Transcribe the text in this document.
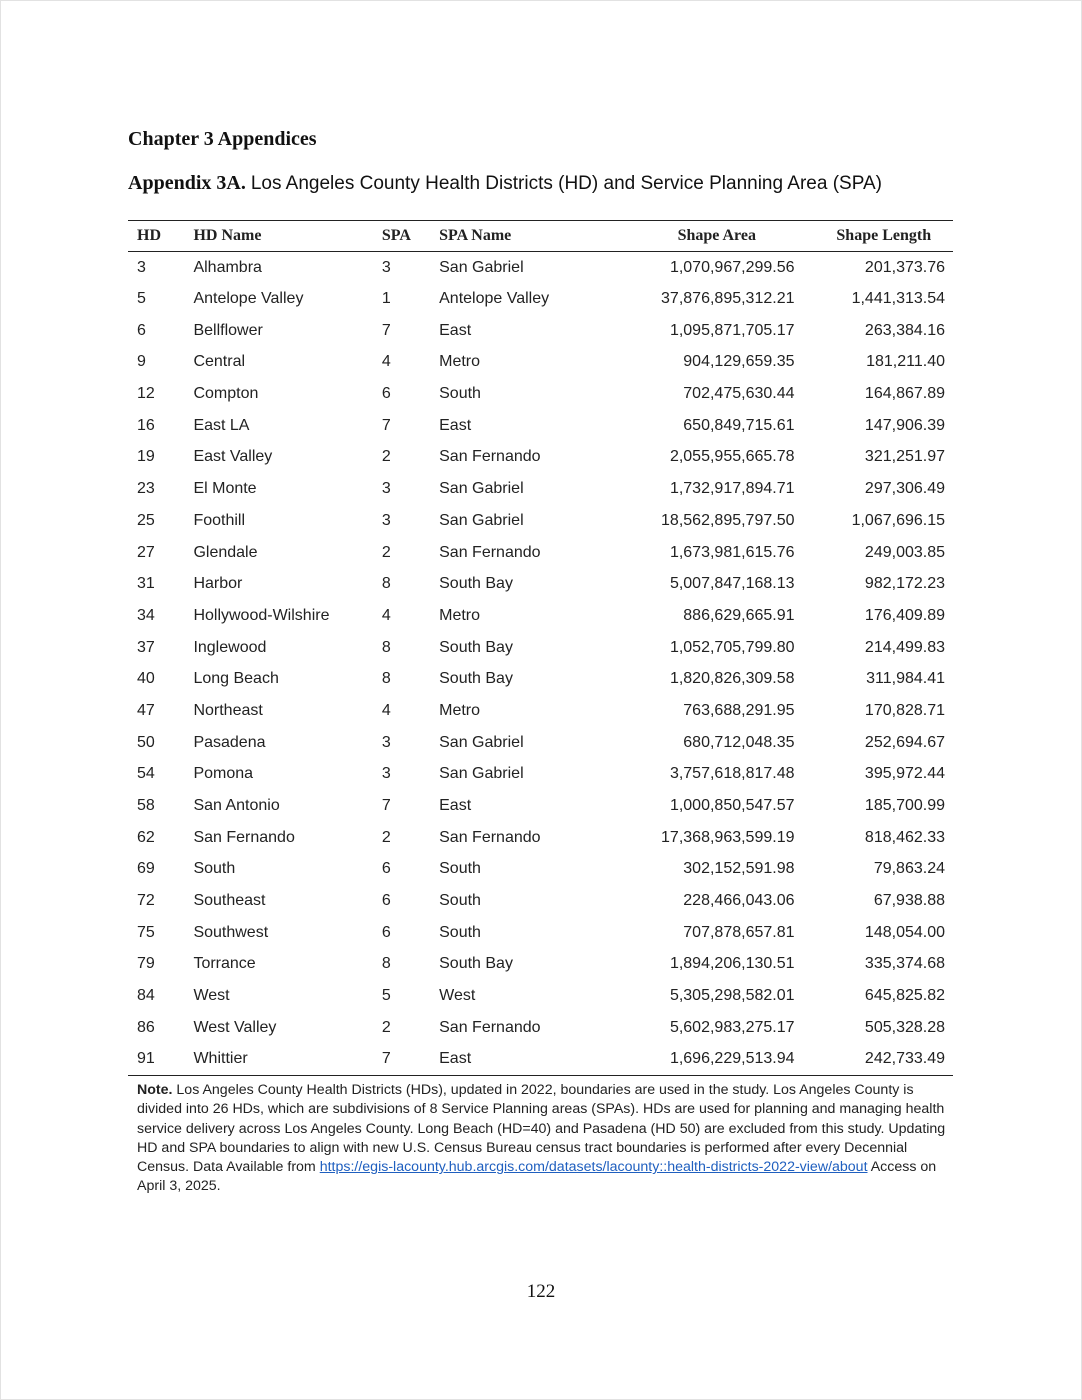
Chapter 3 Appendices

Appendix 3A. Los Angeles County Health Districts (HD) and Service Planning Area (SPA)

HD	HD Name	SPA	SPA Name	Shape Area	Shape Length
3	Alhambra	3	San Gabriel	1,070,967,299.56	201,373.76
5	Antelope Valley	1	Antelope Valley	37,876,895,312.21	1,441,313.54
6	Bellflower	7	East	1,095,871,705.17	263,384.16
9	Central	4	Metro	904,129,659.35	181,211.40
12	Compton	6	South	702,475,630.44	164,867.89
16	East LA	7	East	650,849,715.61	147,906.39
19	East Valley	2	San Fernando	2,055,955,665.78	321,251.97
23	El Monte	3	San Gabriel	1,732,917,894.71	297,306.49
25	Foothill	3	San Gabriel	18,562,895,797.50	1,067,696.15
27	Glendale	2	San Fernando	1,673,981,615.76	249,003.85
31	Harbor	8	South Bay	5,007,847,168.13	982,172.23
34	Hollywood-Wilshire	4	Metro	886,629,665.91	176,409.89
37	Inglewood	8	South Bay	1,052,705,799.80	214,499.83
40	Long Beach	8	South Bay	1,820,826,309.58	311,984.41
47	Northeast	4	Metro	763,688,291.95	170,828.71
50	Pasadena	3	San Gabriel	680,712,048.35	252,694.67
54	Pomona	3	San Gabriel	3,757,618,817.48	395,972.44
58	San Antonio	7	East	1,000,850,547.57	185,700.99
62	San Fernando	2	San Fernando	17,368,963,599.19	818,462.33
69	South	6	South	302,152,591.98	79,863.24
72	Southeast	6	South	228,466,043.06	67,938.88
75	Southwest	6	South	707,878,657.81	148,054.00
79	Torrance	8	South Bay	1,894,206,130.51	335,374.68
84	West	5	West	5,305,298,582.01	645,825.82
86	West Valley	2	San Fernando	5,602,983,275.17	505,328.28
91	Whittier	7	East	1,696,229,513.94	242,733.49

Note. Los Angeles County Health Districts (HDs), updated in 2022, boundaries are used in the study. Los Angeles County is divided into 26 HDs, which are subdivisions of 8 Service Planning areas (SPAs). HDs are used for planning and managing health service delivery across Los Angeles County. Long Beach (HD=40) and Pasadena (HD 50) are excluded from this study. Updating HD and SPA boundaries to align with new U.S. Census Bureau census tract boundaries is performed after every Decennial Census. Data Available from https://egis-lacounty.hub.arcgis.com/datasets/lacounty::health-districts-2022-view/about Access on April 3, 2025.

122
